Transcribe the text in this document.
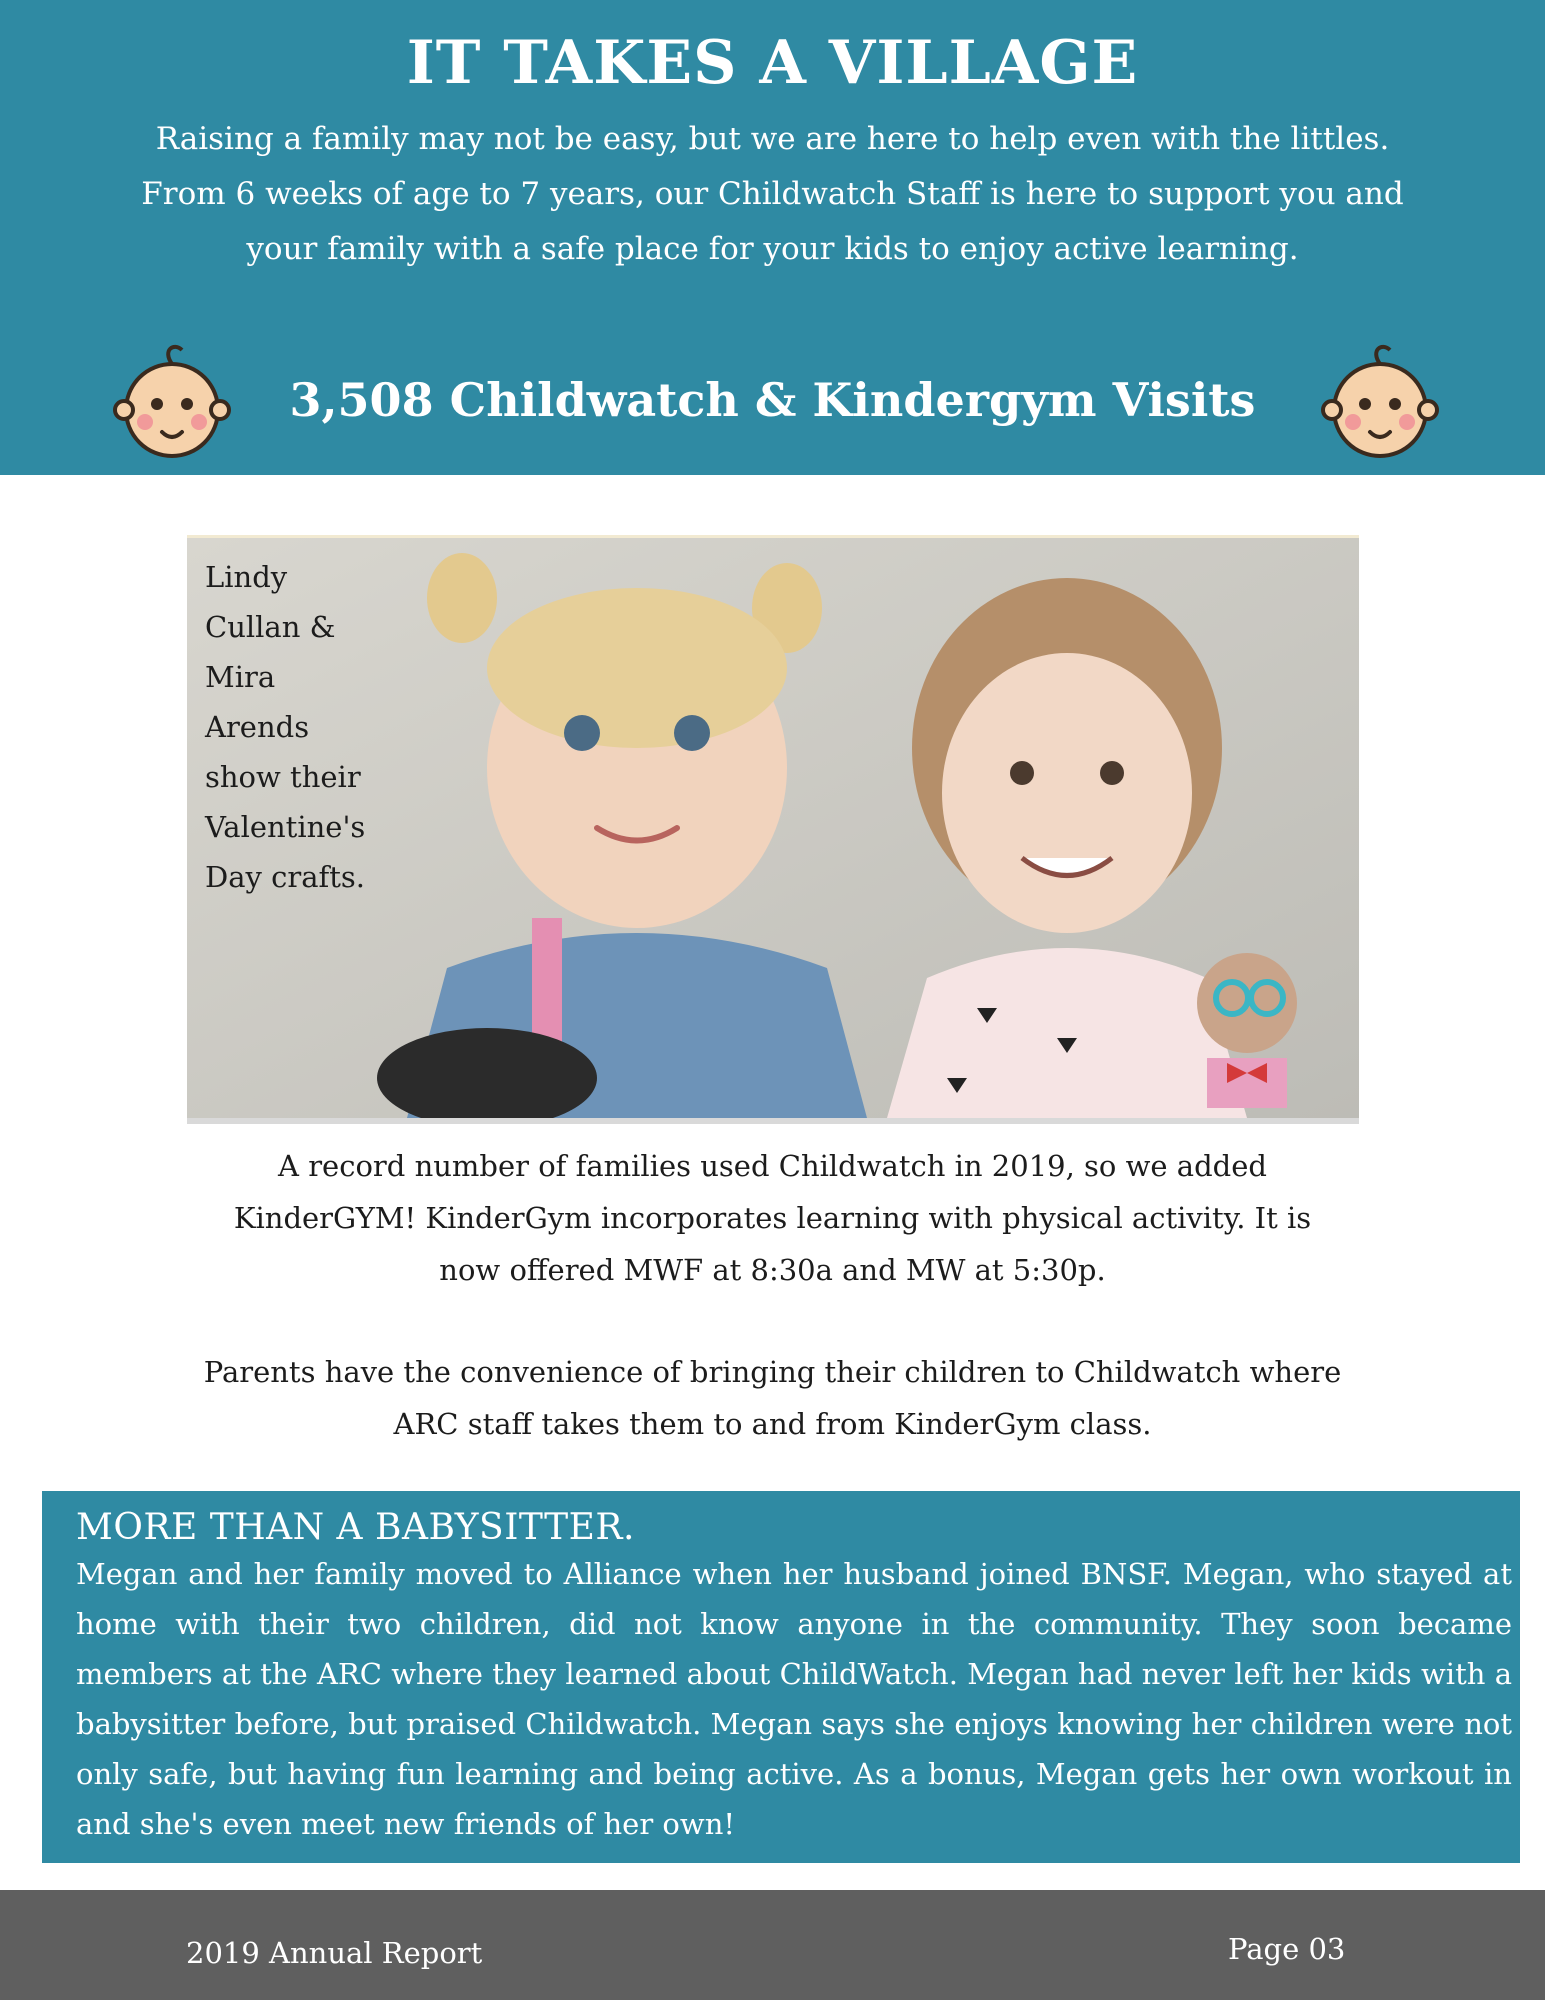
IT TAKES A VILLAGE
Raising a family may not be easy, but we are here to help even with the littles.
From 6 weeks of age to 7 years, our Childwatch Staff is here to support you and
your family with a safe place for your kids to enjoy active learning.
3,508 Childwatch & Kindergym Visits
Lindy
Cullan &
Mira
Arends
show their
Valentine's
Day crafts.
A record number of families used Childwatch in 2019, so we added
KinderGYM! KinderGym incorporates learning with physical activity. It is
now offered MWF at 8:30a and MW at 5:30p.
Parents have the convenience of bringing their children to Childwatch where
ARC staff takes them to and from KinderGym class.
MORE THAN A BABYSITTER.
Megan and her family moved to Alliance when her husband joined BNSF. Megan, who stayed at home with their two children, did not know anyone in the community. They soon became members at the ARC where they learned about ChildWatch. Megan had never left her kids with a babysitter before, but praised Childwatch. Megan says she enjoys knowing her children were not only safe, but having fun learning and being active. As a bonus, Megan gets her own workout in and she's even meet new friends of her own!
2019 Annual Report	Page 03
